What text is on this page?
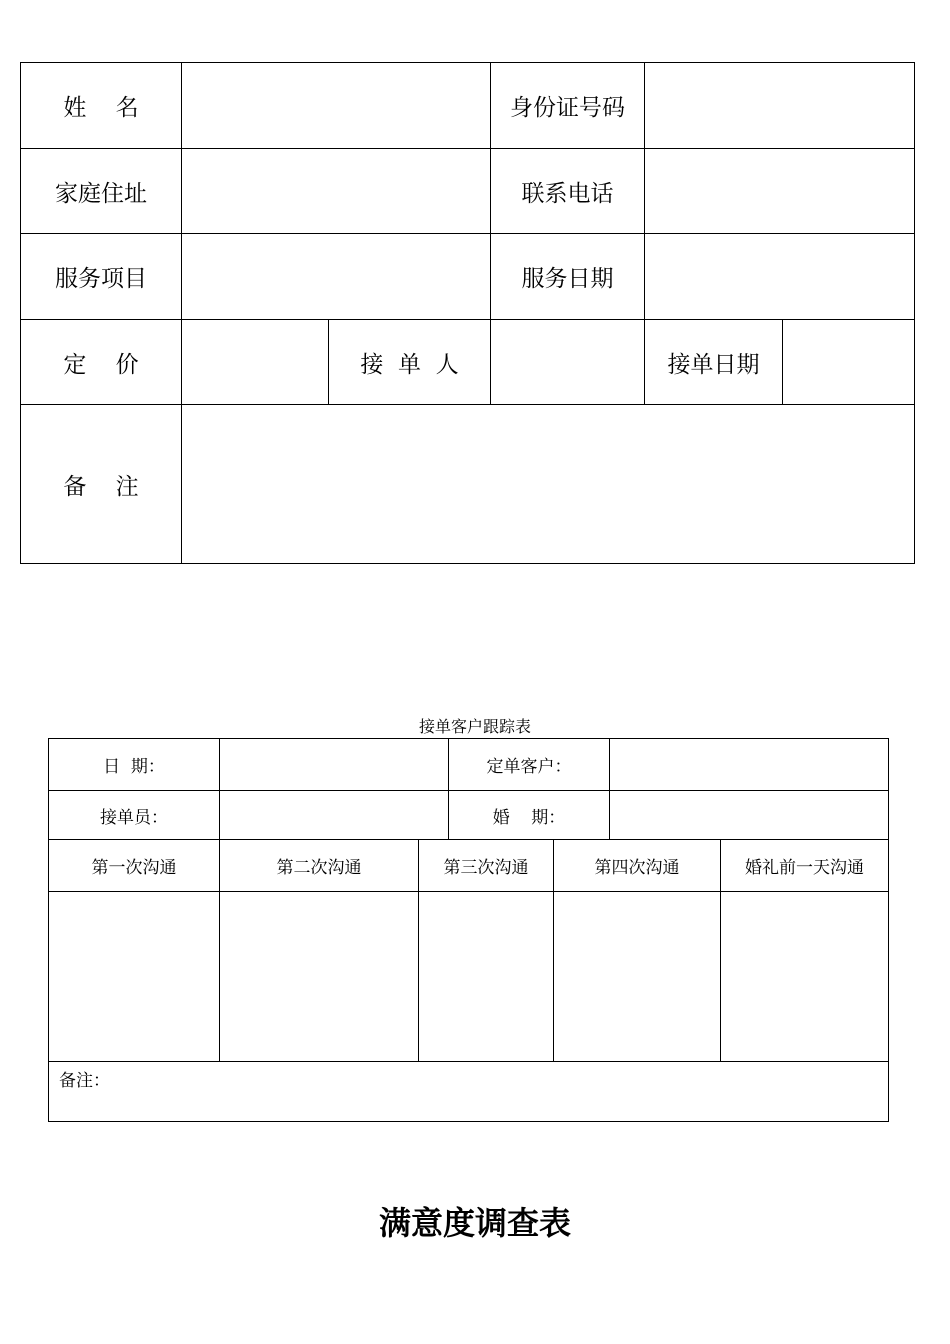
姓    名	身份证号码
家庭住址	联系电话
服务项目	服务日期
定    价	接  单  人	接单日期
备    注
接单客户跟踪表
日  期：	定单客户：
接单员：	婚    期：
第一次沟通	第二次沟通	第三次沟通	第四次沟通	婚礼前一天沟通
备注：
满意度调查表
